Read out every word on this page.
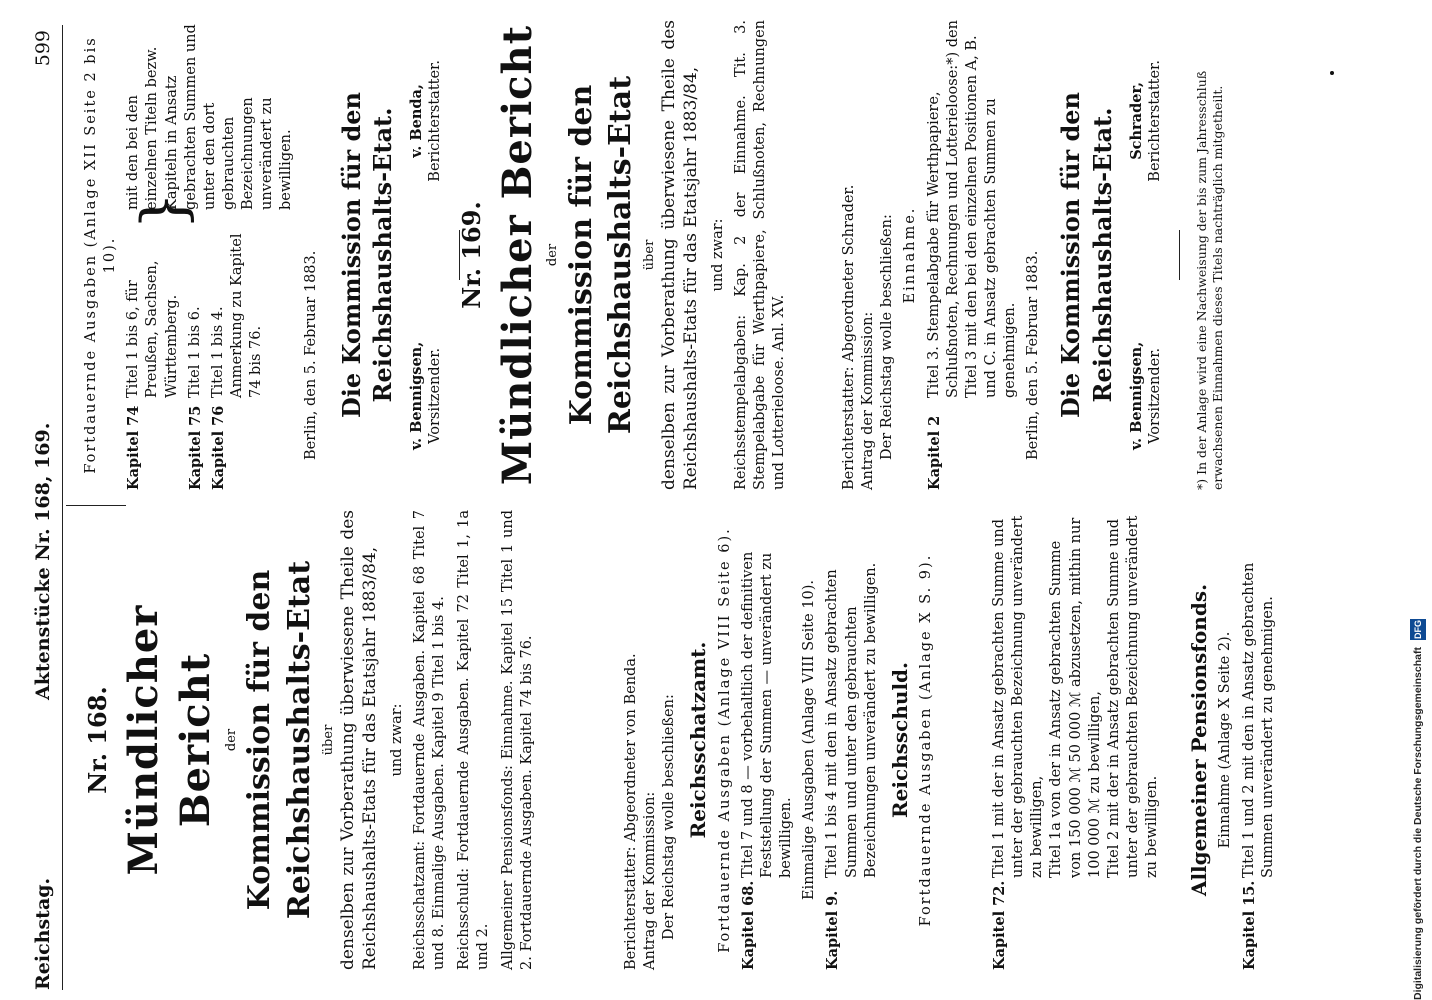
Reichstag.
Aktenstücke Nr. 168, 169.
599
Nr. 168. Mündlicher Bericht der Kommission für den Reichshaushalts-Etat über denselben zur Vorberathung überwiesene Theile des Reichshaushalts-Etats für das Etatsjahr 1883/84, und zwar: Reichsschatzamt: Fortdauernde Ausgaben. Kapitel 68 Titel 7 und 8. Einmalige Ausgaben. Kapitel 9 Titel 1 bis 4. Reichsschuld: Fortdauernde Ausgaben. Kapitel 72 Titel 1, 1a und 2. Allgemeiner Pensionsfonds: Einnahme. Kapitel 15 Titel 1 und 2. Fortdauernde Ausgaben. Kapitel 74 bis 76.	Berichterstatter: Abgeordneter von Benda. Antrag der Kommission: Der Reichstag wolle beschließen: Reichsschatzamt. Fortdauernde Ausgaben (Anlage VIII Seite 6). Kapitel 68.
Titel 7 und 8 — vorbehaltlich der definitiven Feststellung der Summen — unverändert zu bewilligen. Einmalige Ausgaben (Anlage VIII Seite 10).
Kapitel 9.
Titel 1 bis 4 mit den in Ansatz gebrachten Summen und unter den gebrauchten Bezeichnungen unverändert zu bewilligen. Reichsschuld. Fortdauernde Ausgaben (Anlage X S. 9).	Kapitel 72.
Titel 1 mit der in Ansatz gebrachten Summe und unter der gebrauchten Bezeichnung unverändert zu bewilligen, Titel 1a von der in Ansatz gebrachten Summe von 150 000 ℳ 50 000 ℳ abzusetzen, mithin nur 100 000 ℳ zu bewilligen, Titel 2 mit der in Ansatz gebrachten Summe und unter der gebrauchten Bezeichnung unverändert zu bewilligen. Allgemeiner Pensionsfonds. Einnahme (Anlage X Seite 2).
Kapitel 15.
Titel 1 und 2 mit den in Ansatz gebrachten Summen unverändert zu genehmigen.
Fortdauernde Ausgaben (Anlage XII Seite 2 bis 10).
Kapitel 74
Titel 1 bis 6, für Preußen, Sachsen, Württemberg.
Kapitel 75
Titel 1 bis 6.
Kapitel 76
Titel 1 bis 4. Anmerkung zu Kapitel 74 bis 76.
}
mit den bei den einzelnen Titeln bezw. Kapiteln in Ansatz gebrachten Summen und unter den dort gebrauchten Bezeichnungen unverändert zu bewilligen.
Berlin, den 5. Februar 1883. Die Kommission für den Reichshaushalts-Etat. v. Bennigsen, Vorsitzender.
v. Benda, Berichterstatter.
Nr. 169. Mündlicher Bericht der Kommission für den Reichshaushalts-Etat über denselben zur Vorberathung überwiesene Theile des Reichshaushalts-Etats für das Etatsjahr 1883/84, und zwar: Reichsstempelabgaben: Kap. 2 der Einnahme. Tit. 3. Stempelabgabe für Werthpapiere, Schlußnoten, Rechnungen und Lotterieloose. Anl. XV.	Berichterstatter: Abgeordneter Schrader. Antrag der Kommission: Der Reichstag wolle beschließen: Einnahme.
Kapitel 2
Titel 3. Stempelabgabe für Werthpapiere, Schlußnoten, Rechnungen und Lotterieloose:*) den Titel 3 mit den bei den einzelnen Positionen A, B. und C. in Ansatz gebrachten Summen zu genehmigen. Berlin, den 5. Februar 1883. Die Kommission für den Reichshaushalts-Etat. v. Bennigsen, Vorsitzender.
Schrader, Berichterstatter. *) In der Anlage wird eine Nachweisung der bis zum Jahresschluß erwachsenen Einnahmen dieses Titels nachträglich mitgetheilt.
Digitalisierung gefördert durch die Deutsche Forschungsgemeinschaft DFG
